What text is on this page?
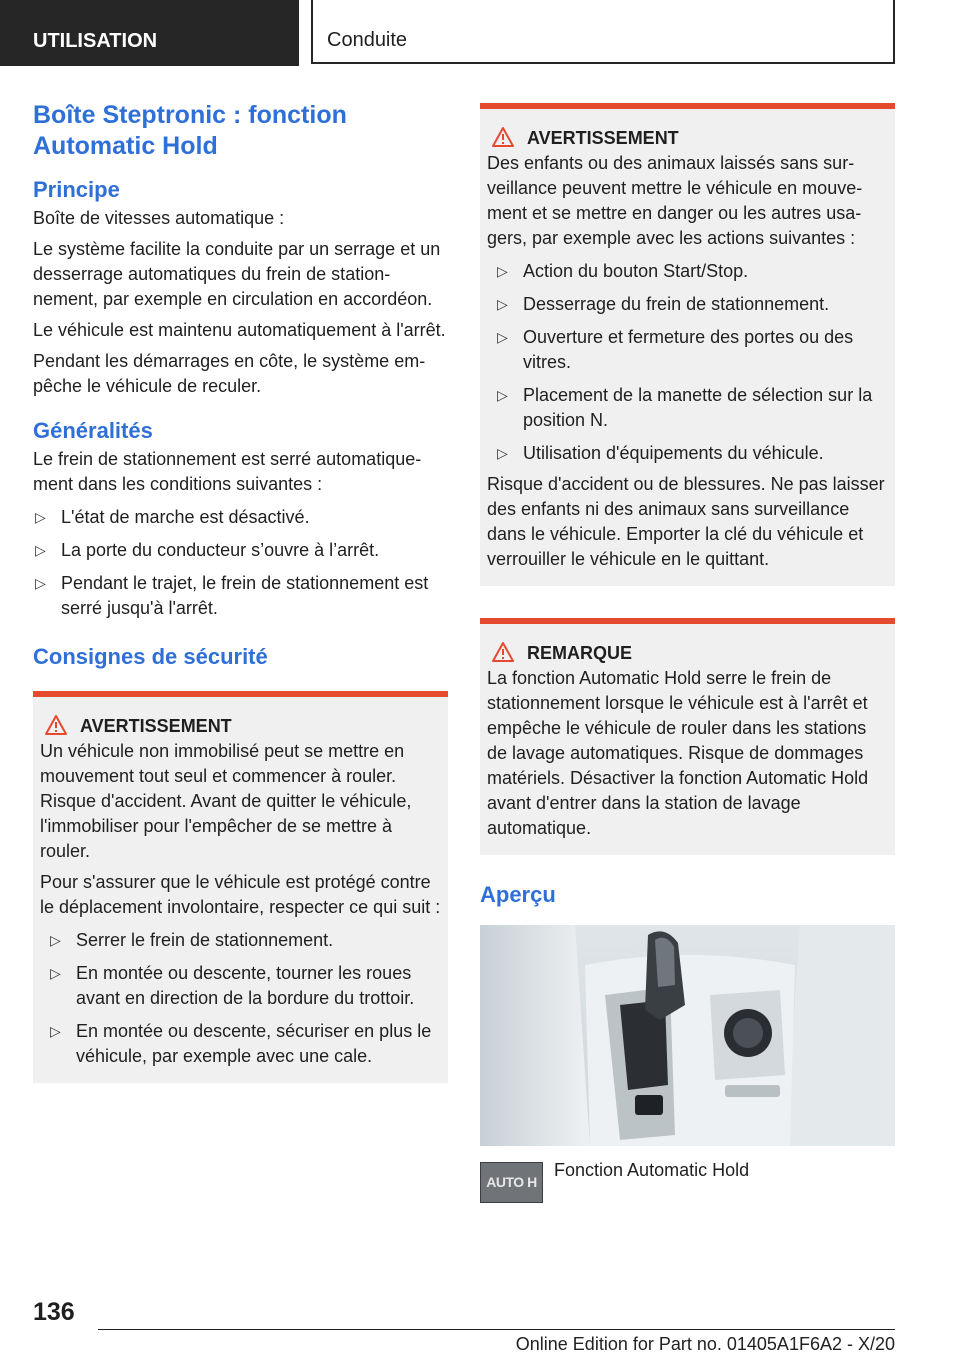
UTILISATION	Conduite
Boîte Steptronic : fonction Automatic Hold
Principe

Boîte de vitesses automatique :

Le système facilite la conduite par un serrage et un desserrage automatiques du frein de stationnement, par exemple en circulation en accordéon.

Le véhicule est maintenu automatiquement à l'arrêt.

Pendant les démarrages en côte, le système empêche le véhicule de reculer.

Généralités

Le frein de stationnement est serré automatiquement dans les conditions suivantes :

▷ L'état de marche est désactivé.
▷ La porte du conducteur s’ouvre à l’arrêt.
▷ Pendant le trajet, le frein de stationnement est serré jusqu'à l'arrêt.
Consignes de sécurité
AVERTISSEMENT

Un véhicule non immobilisé peut se mettre en mouvement tout seul et commencer à rouler. Risque d'accident. Avant de quitter le véhicule, l'immobiliser pour l'empêcher de se mettre à rouler.

Pour s'assurer que le véhicule est protégé contre le déplacement involontaire, respecter ce qui suit :

▷ Serrer le frein de stationnement.
▷ En montée ou descente, tourner les roues avant en direction de la bordure du trottoir.
▷ En montée ou descente, sécuriser en plus le véhicule, par exemple avec une cale.
AVERTISSEMENT

Des enfants ou des animaux laissés sans surveillance peuvent mettre le véhicule en mouvement et se mettre en danger ou les autres usagers, par exemple avec les actions suivantes :

▷ Action du bouton Start/Stop.
▷ Desserrage du frein de stationnement.
▷ Ouverture et fermeture des portes ou des vitres.
▷ Placement de la manette de sélection sur la position N.
▷ Utilisation d'équipements du véhicule.

Risque d'accident ou de blessures. Ne pas laisser des enfants ni des animaux sans surveillance dans le véhicule. Emporter la clé du véhicule et verrouiller le véhicule en le quittant.

REMARQUE

La fonction Automatic Hold serre le frein de stationnement lorsque le véhicule est à l'arrêt et empêche le véhicule de rouler dans les stations de lavage automatiques. Risque de dommages matériels. Désactiver la fonction Automatic Hold avant d'entrer dans la station de lavage automatique.

Aperçu
AUTO H
Fonction Automatic Hold
136
Online Edition for Part no. 01405A1F6A2 - X/20
